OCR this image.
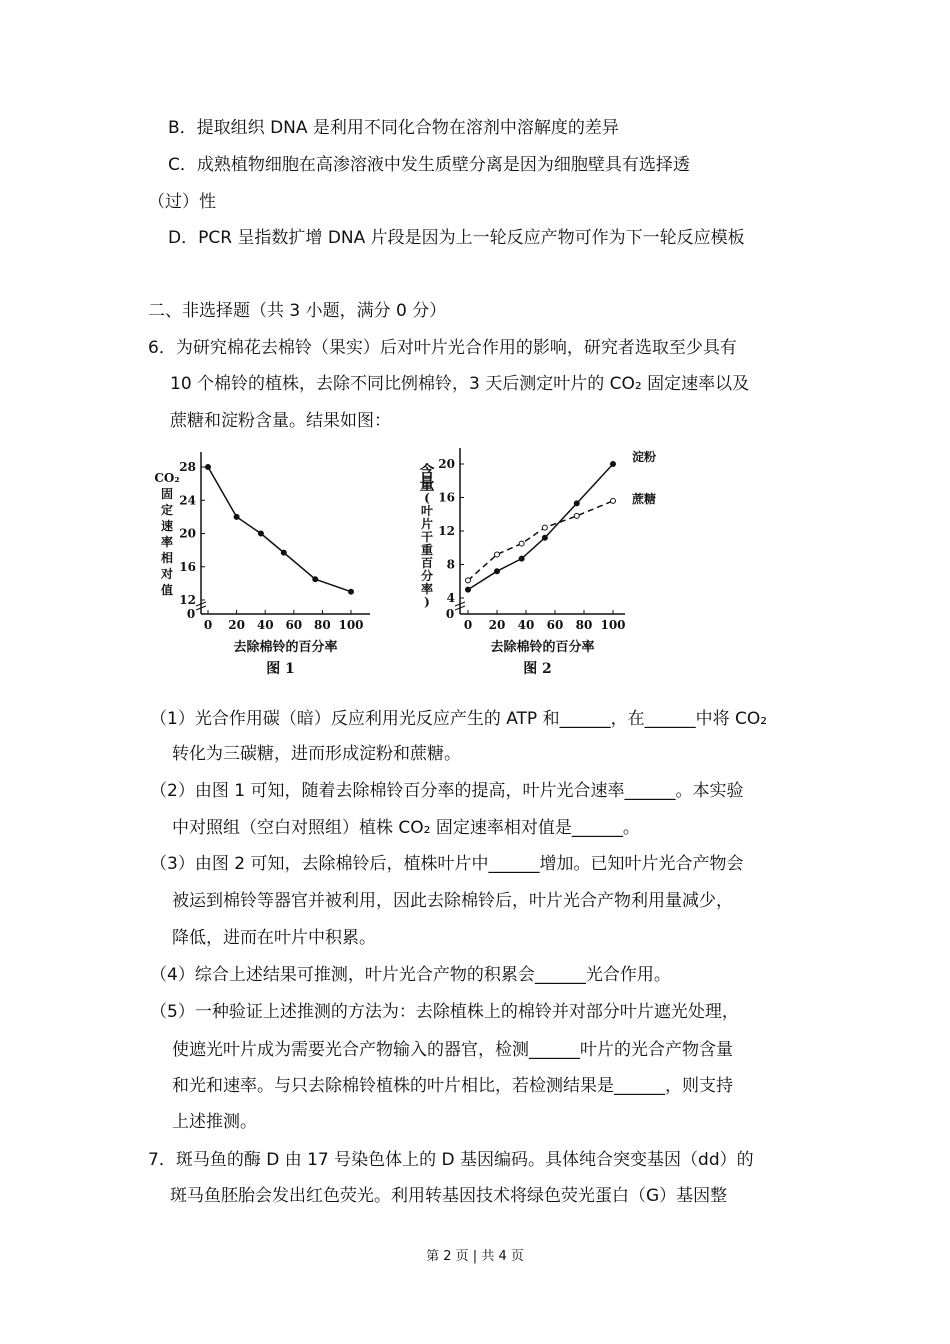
B．提取组织 DNA 是利用不同化合物在溶剂中溶解度的差异
C．成熟植物细胞在高渗溶液中发生质壁分离是因为细胞壁具有选择透
（过）性
D．PCR 呈指数扩增 DNA 片段是因为上一轮反应产物可作为下一轮反应模板
二、非选择题（共 3 小题，满分 0 分）
6．为研究棉花去棉铃（果实）后对叶片光合作用的影响，研究者选取至少具有
10 个棉铃的植株，去除不同比例棉铃，3 天后测定叶片的 CO₂ 固定速率以及
蔗糖和淀粉含量。结果如图：
（1）光合作用碳（暗）反应利用光反应产生的 ATP 和______，在______中将 CO₂
转化为三碳糖，进而形成淀粉和蔗糖。
（2）由图 1 可知，随着去除棉铃百分率的提高，叶片光合速率______。本实验
中对照组（空白对照组）植株 CO₂ 固定速率相对值是______。
（3）由图 2 可知，去除棉铃后，植株叶片中______增加。已知叶片光合产物会
被运到棉铃等器官并被利用，因此去除棉铃后，叶片光合产物利用量减少，
降低，进而在叶片中积累。
（4）综合上述结果可推测，叶片光合产物的积累会______光合作用。
（5）一种验证上述推测的方法为：去除植株上的棉铃并对部分叶片遮光处理，
使遮光叶片成为需要光合产物输入的器官，检测______叶片的光合产物含量
和光和速率。与只去除棉铃植株的叶片相比，若检测结果是______，则支持
上述推测。
7．斑马鱼的酶 D 由 17 号染色体上的 D 基因编码。具体纯合突变基因（dd）的
斑马鱼胚胎会发出红色荧光。利用转基因技术将绿色荧光蛋白（G）基因整
0 20 40 60 80 100
0
12
16
20
24
28
CO₂
固
定
速
率
相
对
值
去除棉铃的百分率
图 1
0 20 40 60 80 100
0
4
8
12
16
20
含
量
(
叶
片
干
重
百
分
率
)
去除棉铃的百分率
图 2
淀粉
蔗糖
第 2 页 | 共 4 页
